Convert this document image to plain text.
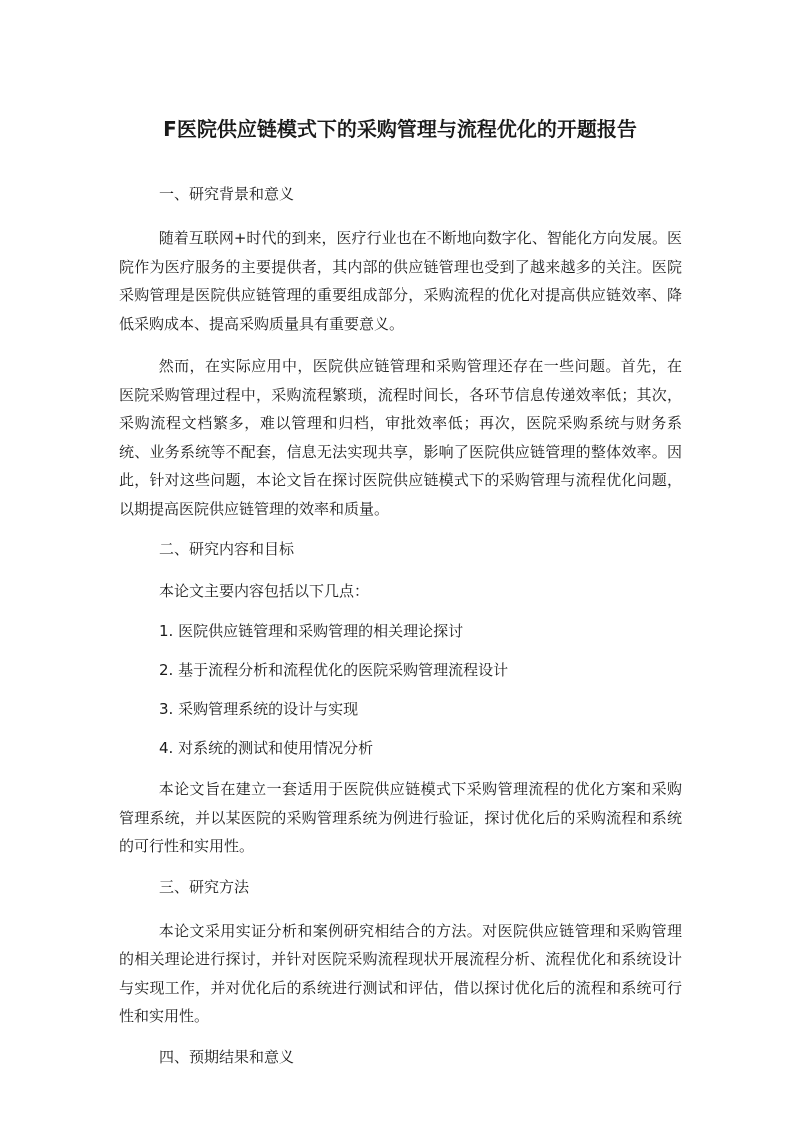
F医院供应链模式下的采购管理与流程优化的开题报告
一、研究背景和意义

随着互联网+时代的到来，医疗行业也在不断地向数字化、智能化方向发展。医院作为医疗服务的主要提供者，其内部的供应链管理也受到了越来越多的关注。医院采购管理是医院供应链管理的重要组成部分，采购流程的优化对提高供应链效率、降低采购成本、提高采购质量具有重要意义。

然而，在实际应用中，医院供应链管理和采购管理还存在一些问题。首先，在医院采购管理过程中，采购流程繁琐，流程时间长，各环节信息传递效率低；其次，采购流程文档繁多，难以管理和归档，审批效率低；再次，医院采购系统与财务系统、业务系统等不配套，信息无法实现共享，影响了医院供应链管理的整体效率。因此，针对这些问题，本论文旨在探讨医院供应链模式下的采购管理与流程优化问题，以期提高医院供应链管理的效率和质量。

二、研究内容和目标

本论文主要内容包括以下几点：

1. 医院供应链管理和采购管理的相关理论探讨

2. 基于流程分析和流程优化的医院采购管理流程设计

3. 采购管理系统的设计与实现

4. 对系统的测试和使用情况分析

本论文旨在建立一套适用于医院供应链模式下采购管理流程的优化方案和采购管理系统，并以某医院的采购管理系统为例进行验证，探讨优化后的采购流程和系统的可行性和实用性。

三、研究方法

本论文采用实证分析和案例研究相结合的方法。对医院供应链管理和采购管理的相关理论进行探讨，并针对医院采购流程现状开展流程分析、流程优化和系统设计与实现工作，并对优化后的系统进行测试和评估，借以探讨优化后的流程和系统可行性和实用性。

四、预期结果和意义
